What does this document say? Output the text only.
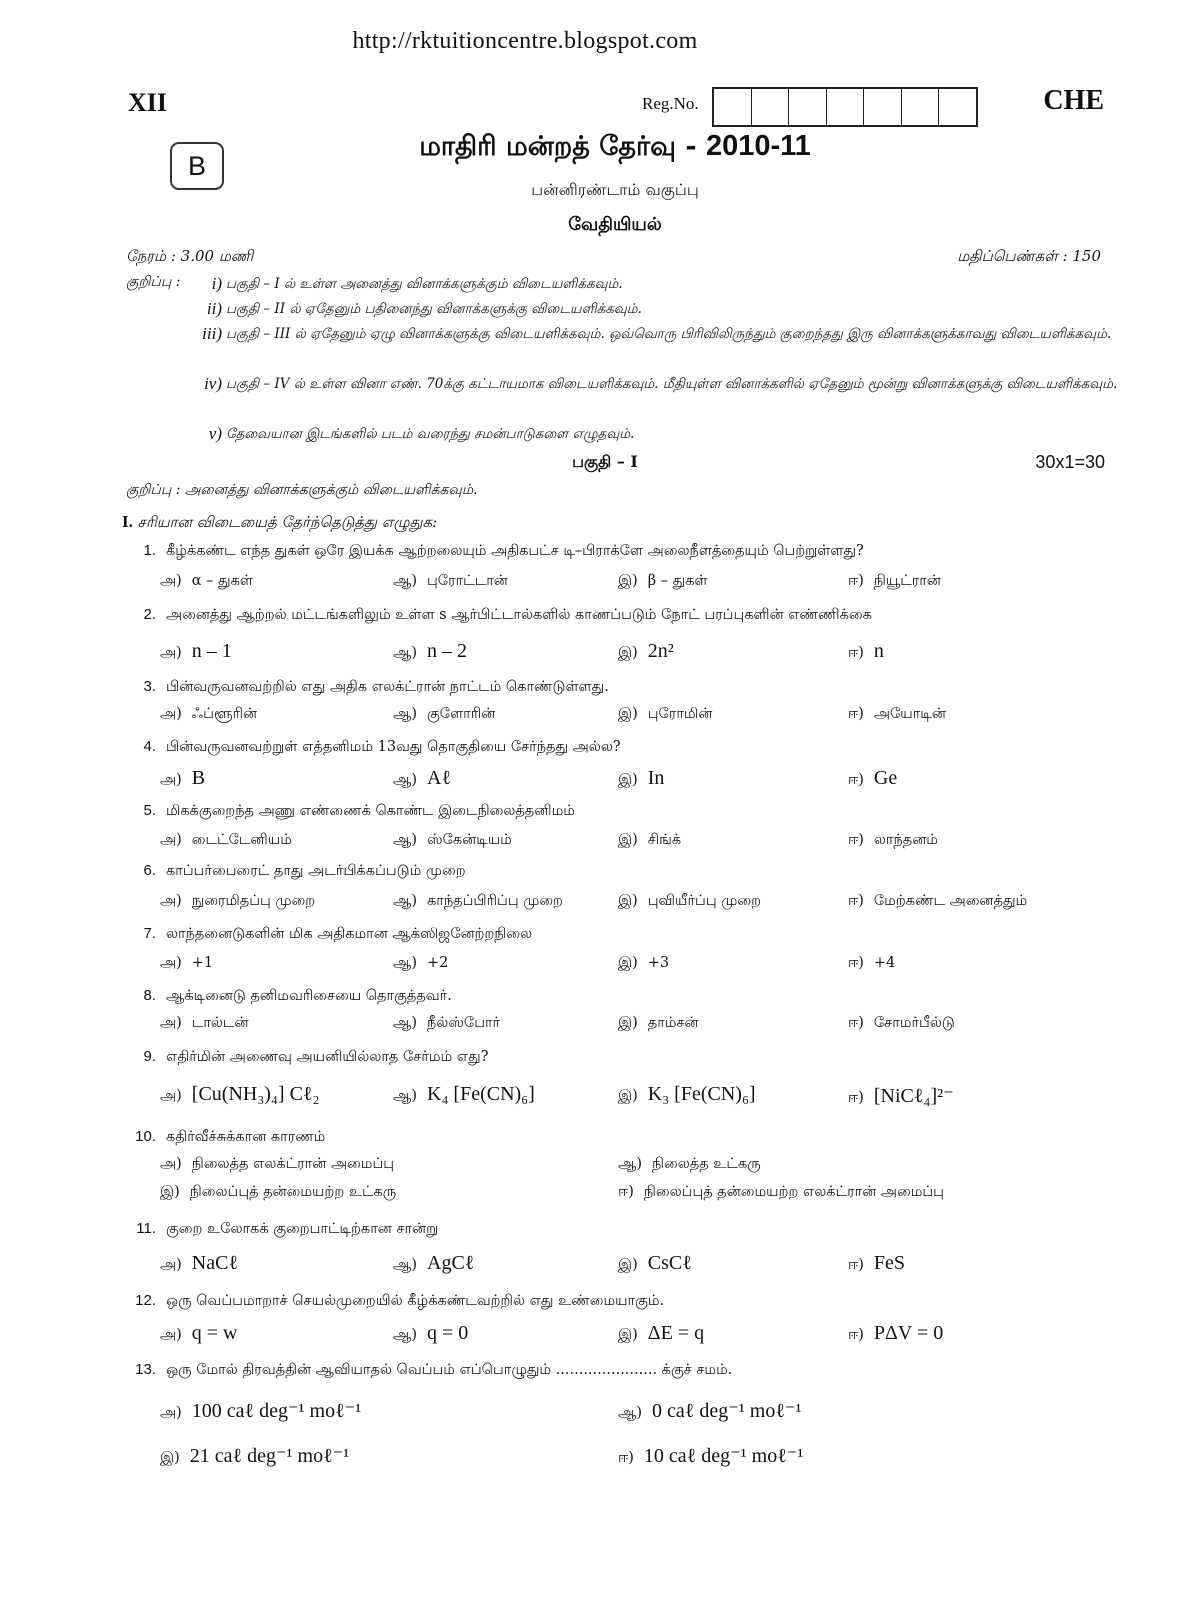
http://rktuitioncentre.blogspot.com
XII	Reg.No.	CHE
B
மாதிரி மன்றத் தேர்வு - 2010-11
பன்னிரண்டாம் வகுப்பு
வேதியியல்
நேரம் : 3.00 மணி	மதிப்பெண்கள் : 150
குறிப்பு :	i) பகுதி – I ல் உள்ள அனைத்து வினாக்களுக்கும் விடையளிக்கவும்.
ii) பகுதி – II ல் ஏதேனும் பதினைந்து வினாக்களுக்கு விடையளிக்கவும்.
iii) பகுதி – III ல் ஏதேனும் ஏழு வினாக்களுக்கு விடையளிக்கவும். ஒவ்வொரு பிரிவிலிருந்தும் குறைந்தது இரு வினாக்களுக்காவது விடையளிக்கவும்.
iv) பகுதி – IV ல் உள்ள வினா எண். 70க்கு கட்டாயமாக விடையளிக்கவும். மீதியுள்ள வினாக்களில் ஏதேனும் மூன்று வினாக்களுக்கு விடையளிக்கவும்.
v) தேவையான இடங்களில் படம் வரைந்து சமன்பாடுகளை எழுதவும்.
பகுதி – I	30x1=30
குறிப்பு : அனைத்து வினாக்களுக்கும் விடையளிக்கவும்.
I. சரியான விடையைத் தேர்ந்தெடுத்து எழுதுக:
1. கீழ்க்கண்ட எந்த துகள் ஒரே இயக்க ஆற்றலையும் அதிகபட்ச டி–பிராக்ளே அலைநீளத்தையும் பெற்றுள்ளது?
அ) α – துகள்	ஆ) புரோட்டான்	இ) β – துகள்	ஈ) நியூட்ரான்
2. அனைத்து ஆற்றல் மட்டங்களிலும் உள்ள s ஆர்பிட்டால்களில் காணப்படும் நோட் பரப்புகளின் எண்ணிக்கை
அ) n – 1	ஆ) n – 2	இ) 2n²	ஈ) n
3. பின்வருவனவற்றில் எது அதிக எலக்ட்ரான் நாட்டம் கொண்டுள்ளது.
அ) ஃப்ளூரின்	ஆ) குளோரின்	இ) புரோமின்	ஈ) அயோடின்
4. பின்வருவனவற்றுள் எத்தனிமம் 13வது தொகுதியை சேர்ந்தது அல்ல?
அ) B	ஆ) Aℓ	இ) In	ஈ) Ge
5. மிகக்குறைந்த அணு எண்ணைக் கொண்ட இடைநிலைத்தனிமம்
அ) டைட்டேனியம்	ஆ) ஸ்கேன்டியம்	இ) சிங்க்	ஈ) லாந்தனம்
6. காப்பர்பைரைட் தாது அடர்பிக்கப்படும் முறை
அ) நுரைமிதப்பு முறை	ஆ) காந்தப்பிரிப்பு முறை	இ) புவியீர்ப்பு முறை	ஈ) மேற்கண்ட அனைத்தும்
7. லாந்தனைடுகளின் மிக அதிகமான ஆக்ஸிஜனேற்றநிலை
அ) +1	ஆ) +2	இ) +3	ஈ) +4
8. ஆக்டினைடு தனிமவரிசையை தொகுத்தவர்.
அ) டால்டன்	ஆ) நீல்ஸ்போர்	இ) தாம்சன்	ஈ) சோமர்பீல்டு
9. எதிர்மின் அணைவு அயனியில்லாத சேர்மம் எது?
அ) [Cu(NH₃)₄] Cℓ₂	ஆ) K₄ [Fe(CN)₆]	இ) K₃ [Fe(CN)₆]	ஈ) [NiCℓ₄]²⁻
10. கதிர்வீச்சுக்கான காரணம்
அ) நிலைத்த எலக்ட்ரான் அமைப்பு	ஆ) நிலைத்த உட்கரு
இ) நிலைப்புத் தன்மையற்ற உட்கரு	ஈ) நிலைப்புத் தன்மையற்ற எலக்ட்ரான் அமைப்பு
11. குறை உலோகக் குறைபாட்டிற்கான சான்று
அ) NaCℓ	ஆ) AgCℓ	இ) CsCℓ	ஈ) FeS
12. ஒரு வெப்பமாறாச் செயல்முறையில் கீழ்க்கண்டவற்றில் எது உண்மையாகும்.
அ) q = w	ஆ) q = 0	இ) ΔE = q	ஈ) PΔV = 0
13. ஒரு மோல் திரவத்தின் ஆவியாதல் வெப்பம் எப்பொழுதும் ...................... க்குச் சமம்.
அ) 100 caℓ deg⁻¹ moℓ⁻¹	ஆ) 0 caℓ deg⁻¹ moℓ⁻¹
இ) 21 caℓ deg⁻¹ moℓ⁻¹	ஈ) 10 caℓ deg⁻¹ moℓ⁻¹
